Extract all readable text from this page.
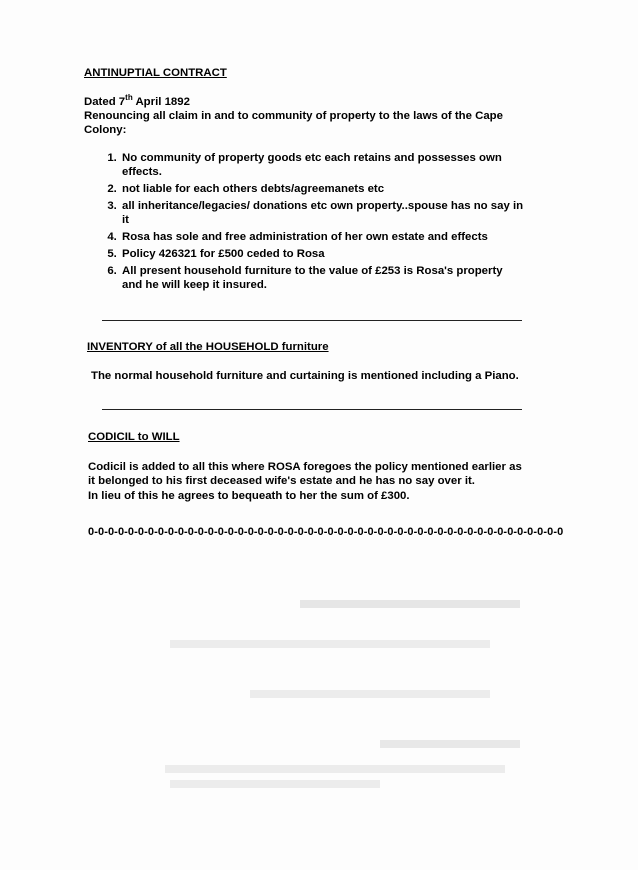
ANTINUPTIAL CONTRACT

Dated 7th April 1892

Renouncing all claim in and to community of property to the laws of the Cape Colony:

1. No community of property goods etc each retains and possesses own effects.
2. not liable for each others debts/agreemanets etc
3. all inheritance/legacies/ donations etc own property..spouse has no say in it
4. Rosa has sole and free administration of her own estate and effects
5. Policy 426321 for £500 ceded to Rosa
6. All present household furniture to the value of £253 is Rosa's property and he will keep it insured.

INVENTORY of all the HOUSEHOLD furniture

The normal household furniture and curtaining is mentioned including a Piano.

CODICIL to WILL

Codicil is added to all this where ROSA foregoes the policy mentioned earlier as it belonged to his first deceased wife's estate and he has no say over it.

In lieu of this he agrees to bequeath to her the sum of £300.

0-0-0-0-0-0-0-0-0-0-0-0-0-0-0-0-0-0-0-0-0-0-0-0-0-0-0-0-0-0-0-0-0-0-0-0-0-0-0-0-0-0-0-0-0-0-0-0
